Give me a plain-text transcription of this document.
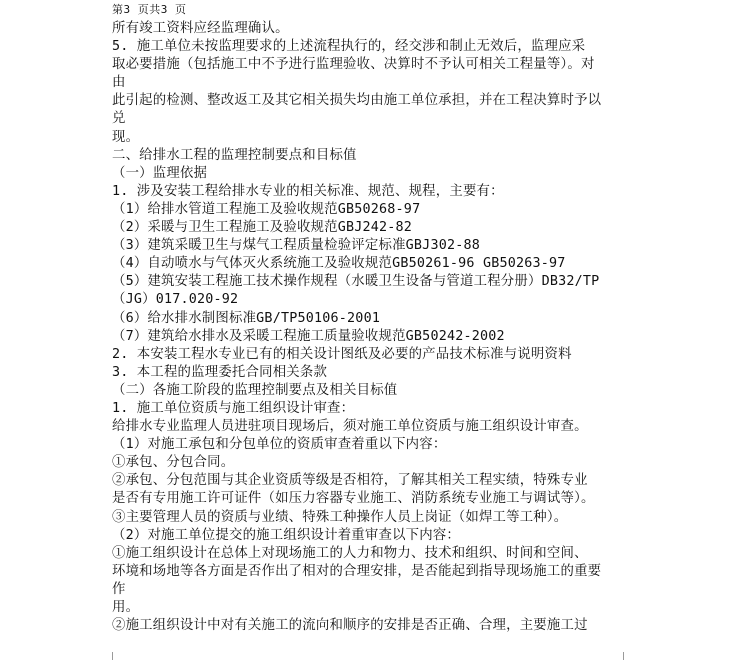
第3 页共3 页
所有竣工资料应经监理确认。
5. 施工单位未按监理要求的上述流程执行的，经交涉和制止无效后，监理应采
取必要措施（包括施工中不予进行监理验收、决算时不予认可相关工程量等）。对
由
此引起的检测、整改返工及其它相关损失均由施工单位承担，并在工程决算时予以
兑
现。
二、给排水工程的监理控制要点和目标值
（一）监理依据
1. 涉及安装工程给排水专业的相关标准、规范、规程，主要有：
（1）给排水管道工程施工及验收规范GB50268-97
（2）采暖与卫生工程施工及验收规范GBJ242-82
（3）建筑采暖卫生与煤气工程质量检验评定标准GBJ302-88
（4）自动喷水与气体灭火系统施工及验收规范GB50261-96 GB50263-97
（5）建筑安装工程施工技术操作规程（水暖卫生设备与管道工程分册）DB32/TP
（JG）017.020-92
（6）给水排水制图标准GB/TP50106-2001
（7）建筑给水排水及采暖工程施工质量验收规范GB50242-2002
2. 本安装工程水专业已有的相关设计图纸及必要的产品技术标准与说明资料
3. 本工程的监理委托合同相关条款
（二）各施工阶段的监理控制要点及相关目标值
1. 施工单位资质与施工组织设计审查：
给排水专业监理人员进驻项目现场后，须对施工单位资质与施工组织设计审查。
（1）对施工承包和分包单位的资质审查着重以下内容：
①承包、分包合同。
②承包、分包范围与其企业资质等级是否相符，了解其相关工程实绩，特殊专业
是否有专用施工许可证件（如压力容器专业施工、消防系统专业施工与调试等）。
③主要管理人员的资质与业绩、特殊工种操作人员上岗证（如焊工等工种）。
（2）对施工单位提交的施工组织设计着重审查以下内容：
①施工组织设计在总体上对现场施工的人力和物力、技术和组织、时间和空间、
环境和场地等各方面是否作出了相对的合理安排，是否能起到指导现场施工的重要
作
用。
②施工组织设计中对有关施工的流向和顺序的安排是否正确、合理，主要施工过
